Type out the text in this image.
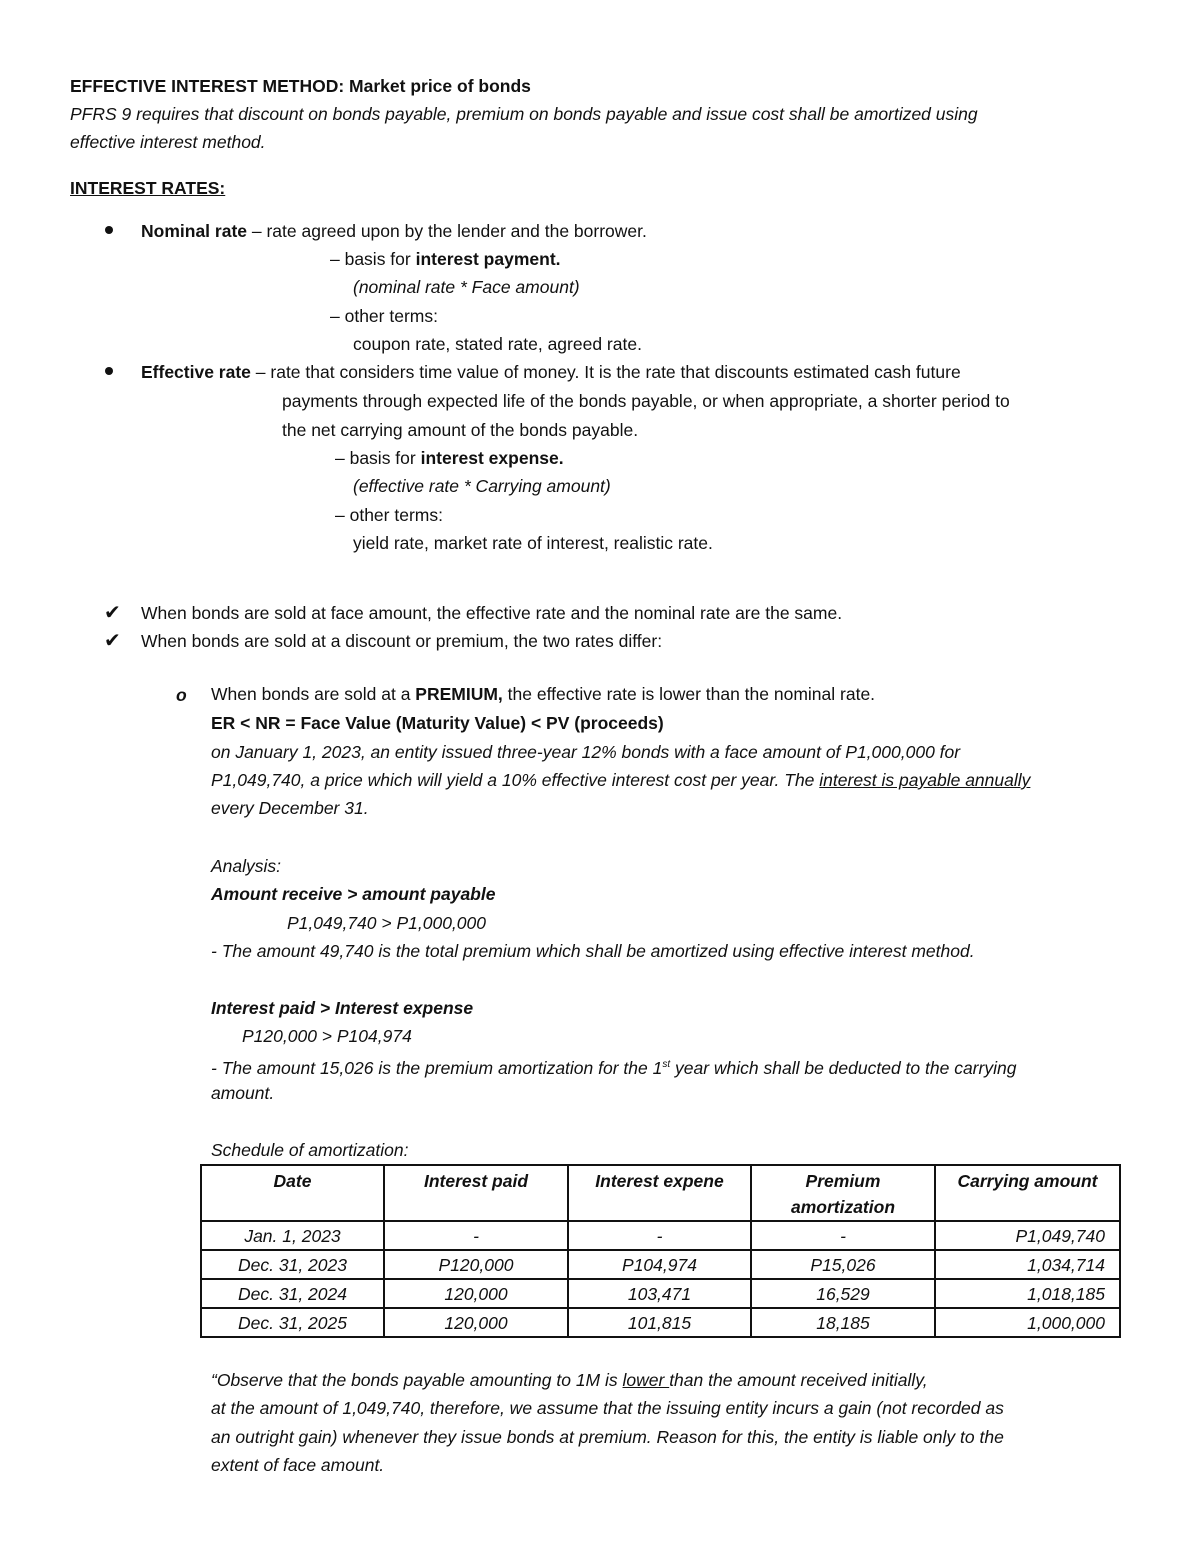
EFFECTIVE INTEREST METHOD: Market price of bonds
PFRS 9 requires that discount on bonds payable, premium on bonds payable and issue cost shall be amortized using
effective interest method.
INTEREST RATES:
Nominal rate – rate agreed upon by the lender and the borrower.
– basis for interest payment.
(nominal rate * Face amount)
– other terms:
coupon rate, stated rate, agreed rate.
Effective rate – rate that considers time value of money. It is the rate that discounts estimated cash future
payments through expected life of the bonds payable, or when appropriate, a shorter period to
the net carrying amount of the bonds payable.
– basis for interest expense.
(effective rate * Carrying amount)
– other terms:
yield rate, market rate of interest, realistic rate.
✔ When bonds are sold at face amount, the effective rate and the nominal rate are the same.
✔ When bonds are sold at a discount or premium, the two rates differ:
o When bonds are sold at a PREMIUM, the effective rate is lower than the nominal rate.
ER < NR = Face Value (Maturity Value) < PV (proceeds)
on January 1, 2023, an entity issued three-year 12% bonds with a face amount of P1,000,000 for
P1,049,740, a price which will yield a 10% effective interest cost per year. The interest is payable annually
every December 31.
Analysis:
Amount receive > amount payable
P1,049,740 > P1,000,000
- The amount 49,740 is the total premium which shall be amortized using effective interest method.
Interest paid > Interest expense
P120,000 > P104,974
- The amount 15,026 is the premium amortization for the 1st year which shall be deducted to the carrying
amount.
Schedule of amortization:
Date	Interest paid	Interest expene	Premium amortization	Carrying amount
Jan. 1, 2023	-	-	-	P1,049,740
Dec. 31, 2023	P120,000	P104,974	P15,026	1,034,714
Dec. 31, 2024	120,000	103,471	16,529	1,018,185
Dec. 31, 2025	120,000	101,815	18,185	1,000,000
“Observe that the bonds payable amounting to 1M is lower than the amount received initially,
at the amount of 1,049,740, therefore, we assume that the issuing entity incurs a gain (not recorded as
an outright gain) whenever they issue bonds at premium. Reason for this, the entity is liable only to the
extent of face amount.
